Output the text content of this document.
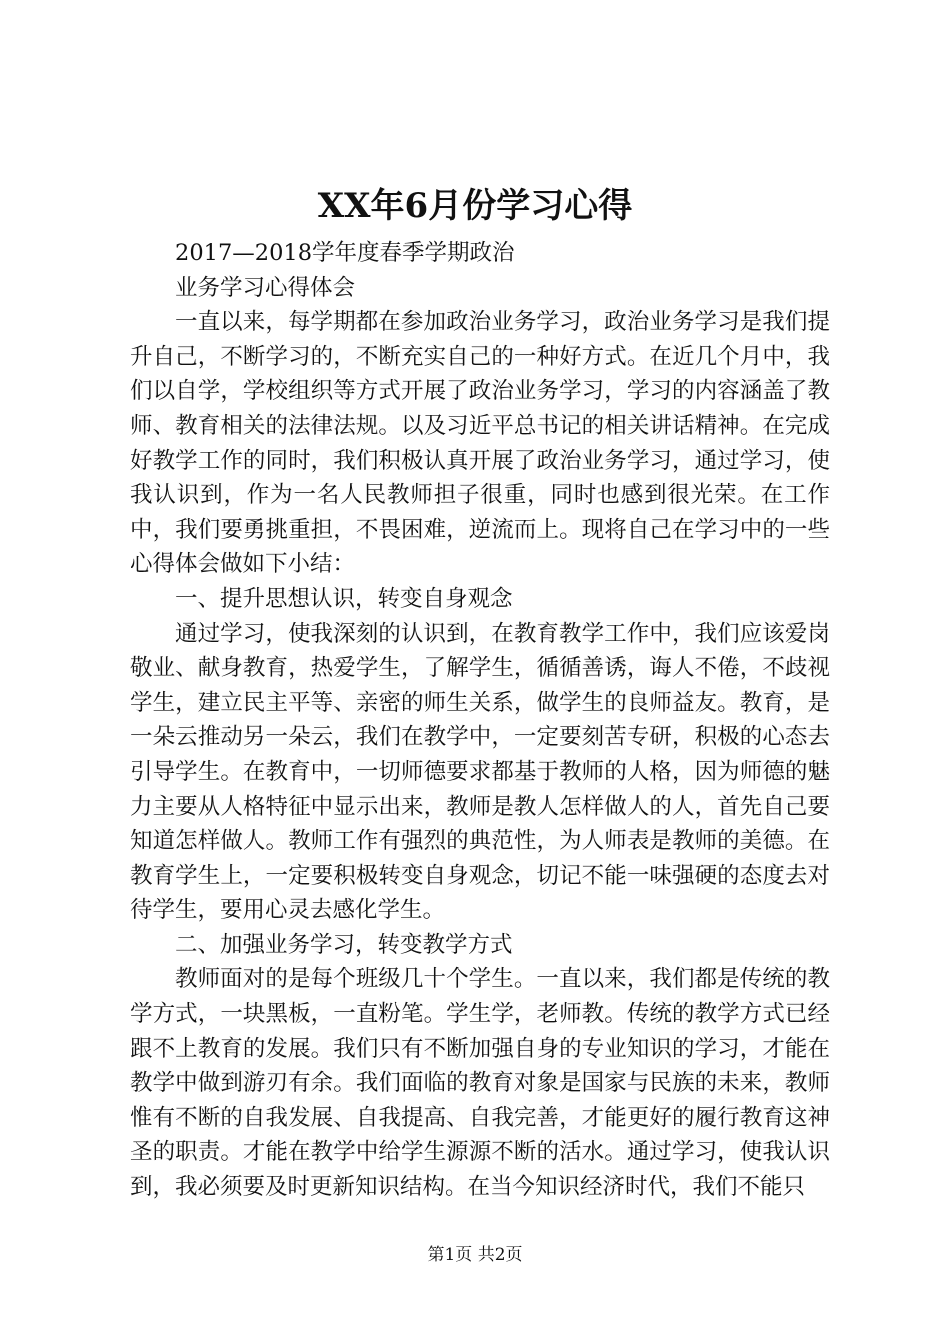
XX年6月份学习心得

2017—2018学年度春季学期政治

业务学习心得体会

一直以来，每学期都在参加政治业务学习，政治业务学习是我们提升自己，不断学习的，不断充实自己的一种好方式。在近几个月中，我们以自学，学校组织等方式开展了政治业务学习，学习的内容涵盖了教师、教育相关的法律法规。以及习近平总书记的相关讲话精神。在完成好教学工作的同时，我们积极认真开展了政治业务学习，通过学习，使我认识到，作为一名人民教师担子很重，同时也感到很光荣。在工作中，我们要勇挑重担，不畏困难，逆流而上。现将自己在学习中的一些心得体会做如下小结：

一、提升思想认识，转变自身观念

通过学习，使我深刻的认识到，在教育教学工作中，我们应该爱岗敬业、献身教育，热爱学生，了解学生，循循善诱，诲人不倦，不歧视学生，建立民主平等、亲密的师生关系，做学生的良师益友。教育，是一朵云推动另一朵云，我们在教学中，一定要刻苦专研，积极的心态去引导学生。在教育中，一切师德要求都基于教师的人格，因为师德的魅力主要从人格特征中显示出来，教师是教人怎样做人的人，首先自己要知道怎样做人。教师工作有强烈的典范性，为人师表是教师的美德。在教育学生上，一定要积极转变自身观念，切记不能一味强硬的态度去对待学生，要用心灵去感化学生。

二、加强业务学习，转变教学方式

教师面对的是每个班级几十个学生。一直以来，我们都是传统的教学方式，一块黑板，一直粉笔。学生学，老师教。传统的教学方式已经跟不上教育的发展。我们只有不断加强自身的专业知识的学习，才能在教学中做到游刃有余。我们面临的教育对象是国家与民族的未来，教师惟有不断的自我发展、自我提高、自我完善，才能更好的履行教育这神圣的职责。才能在教学中给学生源源不断的活水。通过学习，使我认识到，我必须要及时更新知识结构。在当今知识经济时代，我们不能只

第1页 共2页
